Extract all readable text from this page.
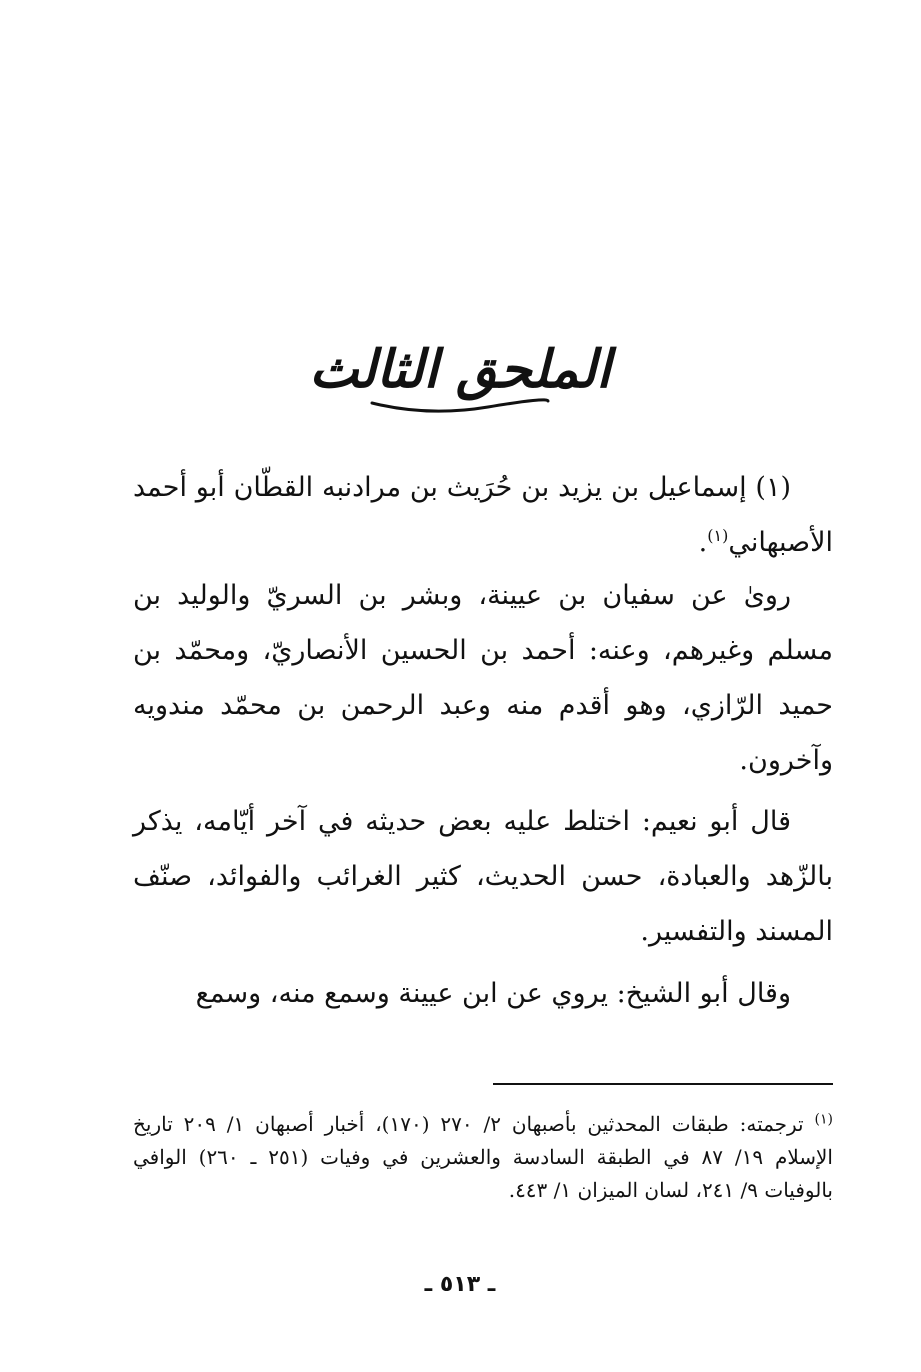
الملحق الثالث

(١) إسماعيل بن يزيد بن حُرَيث بن مرادنبه القطّان أبو أحمد الأصبهاني$^{(١)}$.

روىٰ عن سفيان بن عيينة، وبشر بن السريّ والوليد بن مسلم وغيرهم، وعنه: أحمد بن الحسين الأنصاريّ، ومحمّد بن حميد الرّازي، وهو أقدم منه وعبد الرحمن بن محمّد مندويه وآخرون.

قال أبو نعيم: اختلط عليه بعض حديثه في آخر أيّامه، يذكر بالزّهد والعبادة، حسن الحديث، كثير الغرائب والفوائد، صنّف المسند والتفسير.

وقال أبو الشيخ: يروي عن ابن عيينة وسمع منه، وسمع

$^{(١)}$ ترجمته: طبقات المحدثين بأصبهان ٢/ ٢٧٠ (١٧٠)، أخبار أصبهان ١/ ٢٠٩ تاريخ الإسلام ١٩/ ٨٧ في الطبقة السادسة والعشرين في وفيات (٢٥١ ـ ٢٦٠) الوافي بالوفيات ٩/ ٢٤١، لسان الميزان ١/ ٤٤٣.

ـ ٥١٣ ـ
